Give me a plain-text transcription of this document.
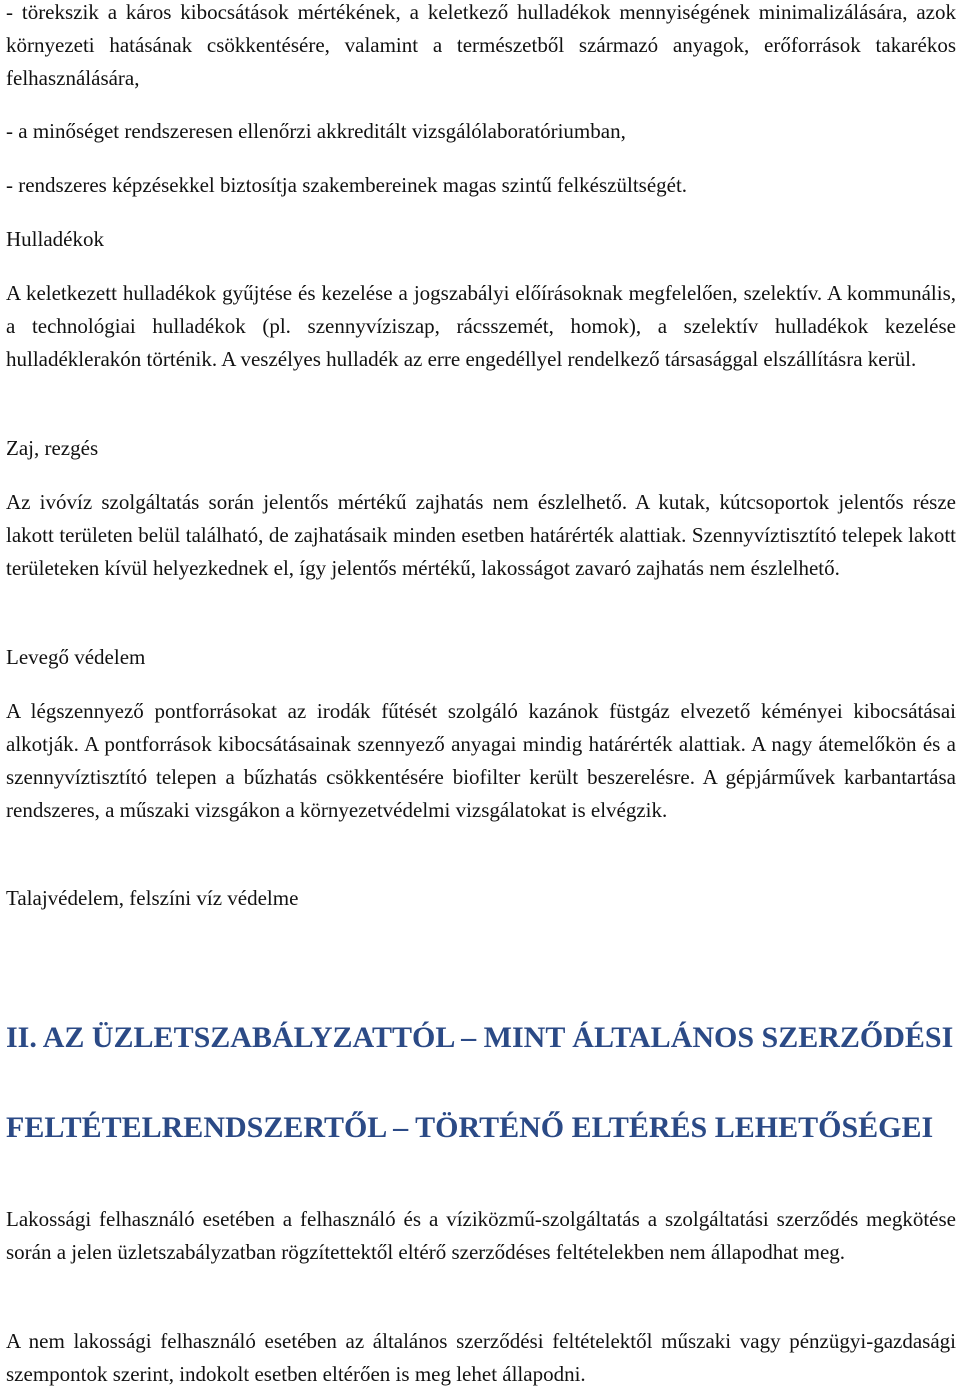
- törekszik a káros kibocsátások mértékének, a keletkező hulladékok mennyiségének minimalizálására, azok környezeti hatásának csökkentésére, valamint a természetből származó anyagok, erőforrások takarékos felhasználására,

- a minőséget rendszeresen ellenőrzi akkreditált vizsgálólaboratóriumban,

- rendszeres képzésekkel biztosítja szakembereinek magas szintű felkészültségét.

Hulladékok

A keletkezett hulladékok gyűjtése és kezelése a jogszabályi előírásoknak megfelelően, szelektív. A kommunális, a technológiai hulladékok (pl. szennyvíziszap, rácsszemét, homok), a szelektív hulladékok kezelése hulladéklerakón történik. A veszélyes hulladék az erre engedéllyel rendelkező társasággal elszállításra kerül.

Zaj, rezgés

Az ivóvíz szolgáltatás során jelentős mértékű zajhatás nem észlelhető. A kutak, kútcsoportok jelentős része lakott területen belül található, de zajhatásaik minden esetben határérték alattiak. Szennyvíztisztító telepek lakott területeken kívül helyezkednek el, így jelentős mértékű, lakosságot zavaró zajhatás nem észlelhető.

Levegő védelem

A légszennyező pontforrásokat az irodák fűtését szolgáló kazánok füstgáz elvezető kéményei kibocsátásai alkotják. A pontforrások kibocsátásainak szennyező anyagai mindig határérték alattiak. A nagy átemelőkön és a szennyvíztisztító telepen a bűzhatás csökkentésére biofilter került beszerelésre. A gépjárművek karbantartása rendszeres, a műszaki vizsgákon a környezetvédelmi vizsgálatokat is elvégzik.

Talajvédelem, felszíni víz védelme

II. AZ ÜZLETSZABÁLYZATTÓL – MINT ÁLTALÁNOS SZERZŐDÉSI
FELTÉTELRENDSZERTŐL – TÖRTÉNŐ ELTÉRÉS LEHETŐSÉGEI

Lakossági felhasználó esetében a felhasználó és a víziközmű-szolgáltatás a szolgáltatási szerződés megkötése során a jelen üzletszabályzatban rögzítettektől eltérő szerződéses feltételekben nem állapodhat meg.

A nem lakossági felhasználó esetében az általános szerződési feltételektől műszaki vagy pénzügyi-gazdasági szempontok szerint, indokolt esetben eltérően is meg lehet állapodni.
